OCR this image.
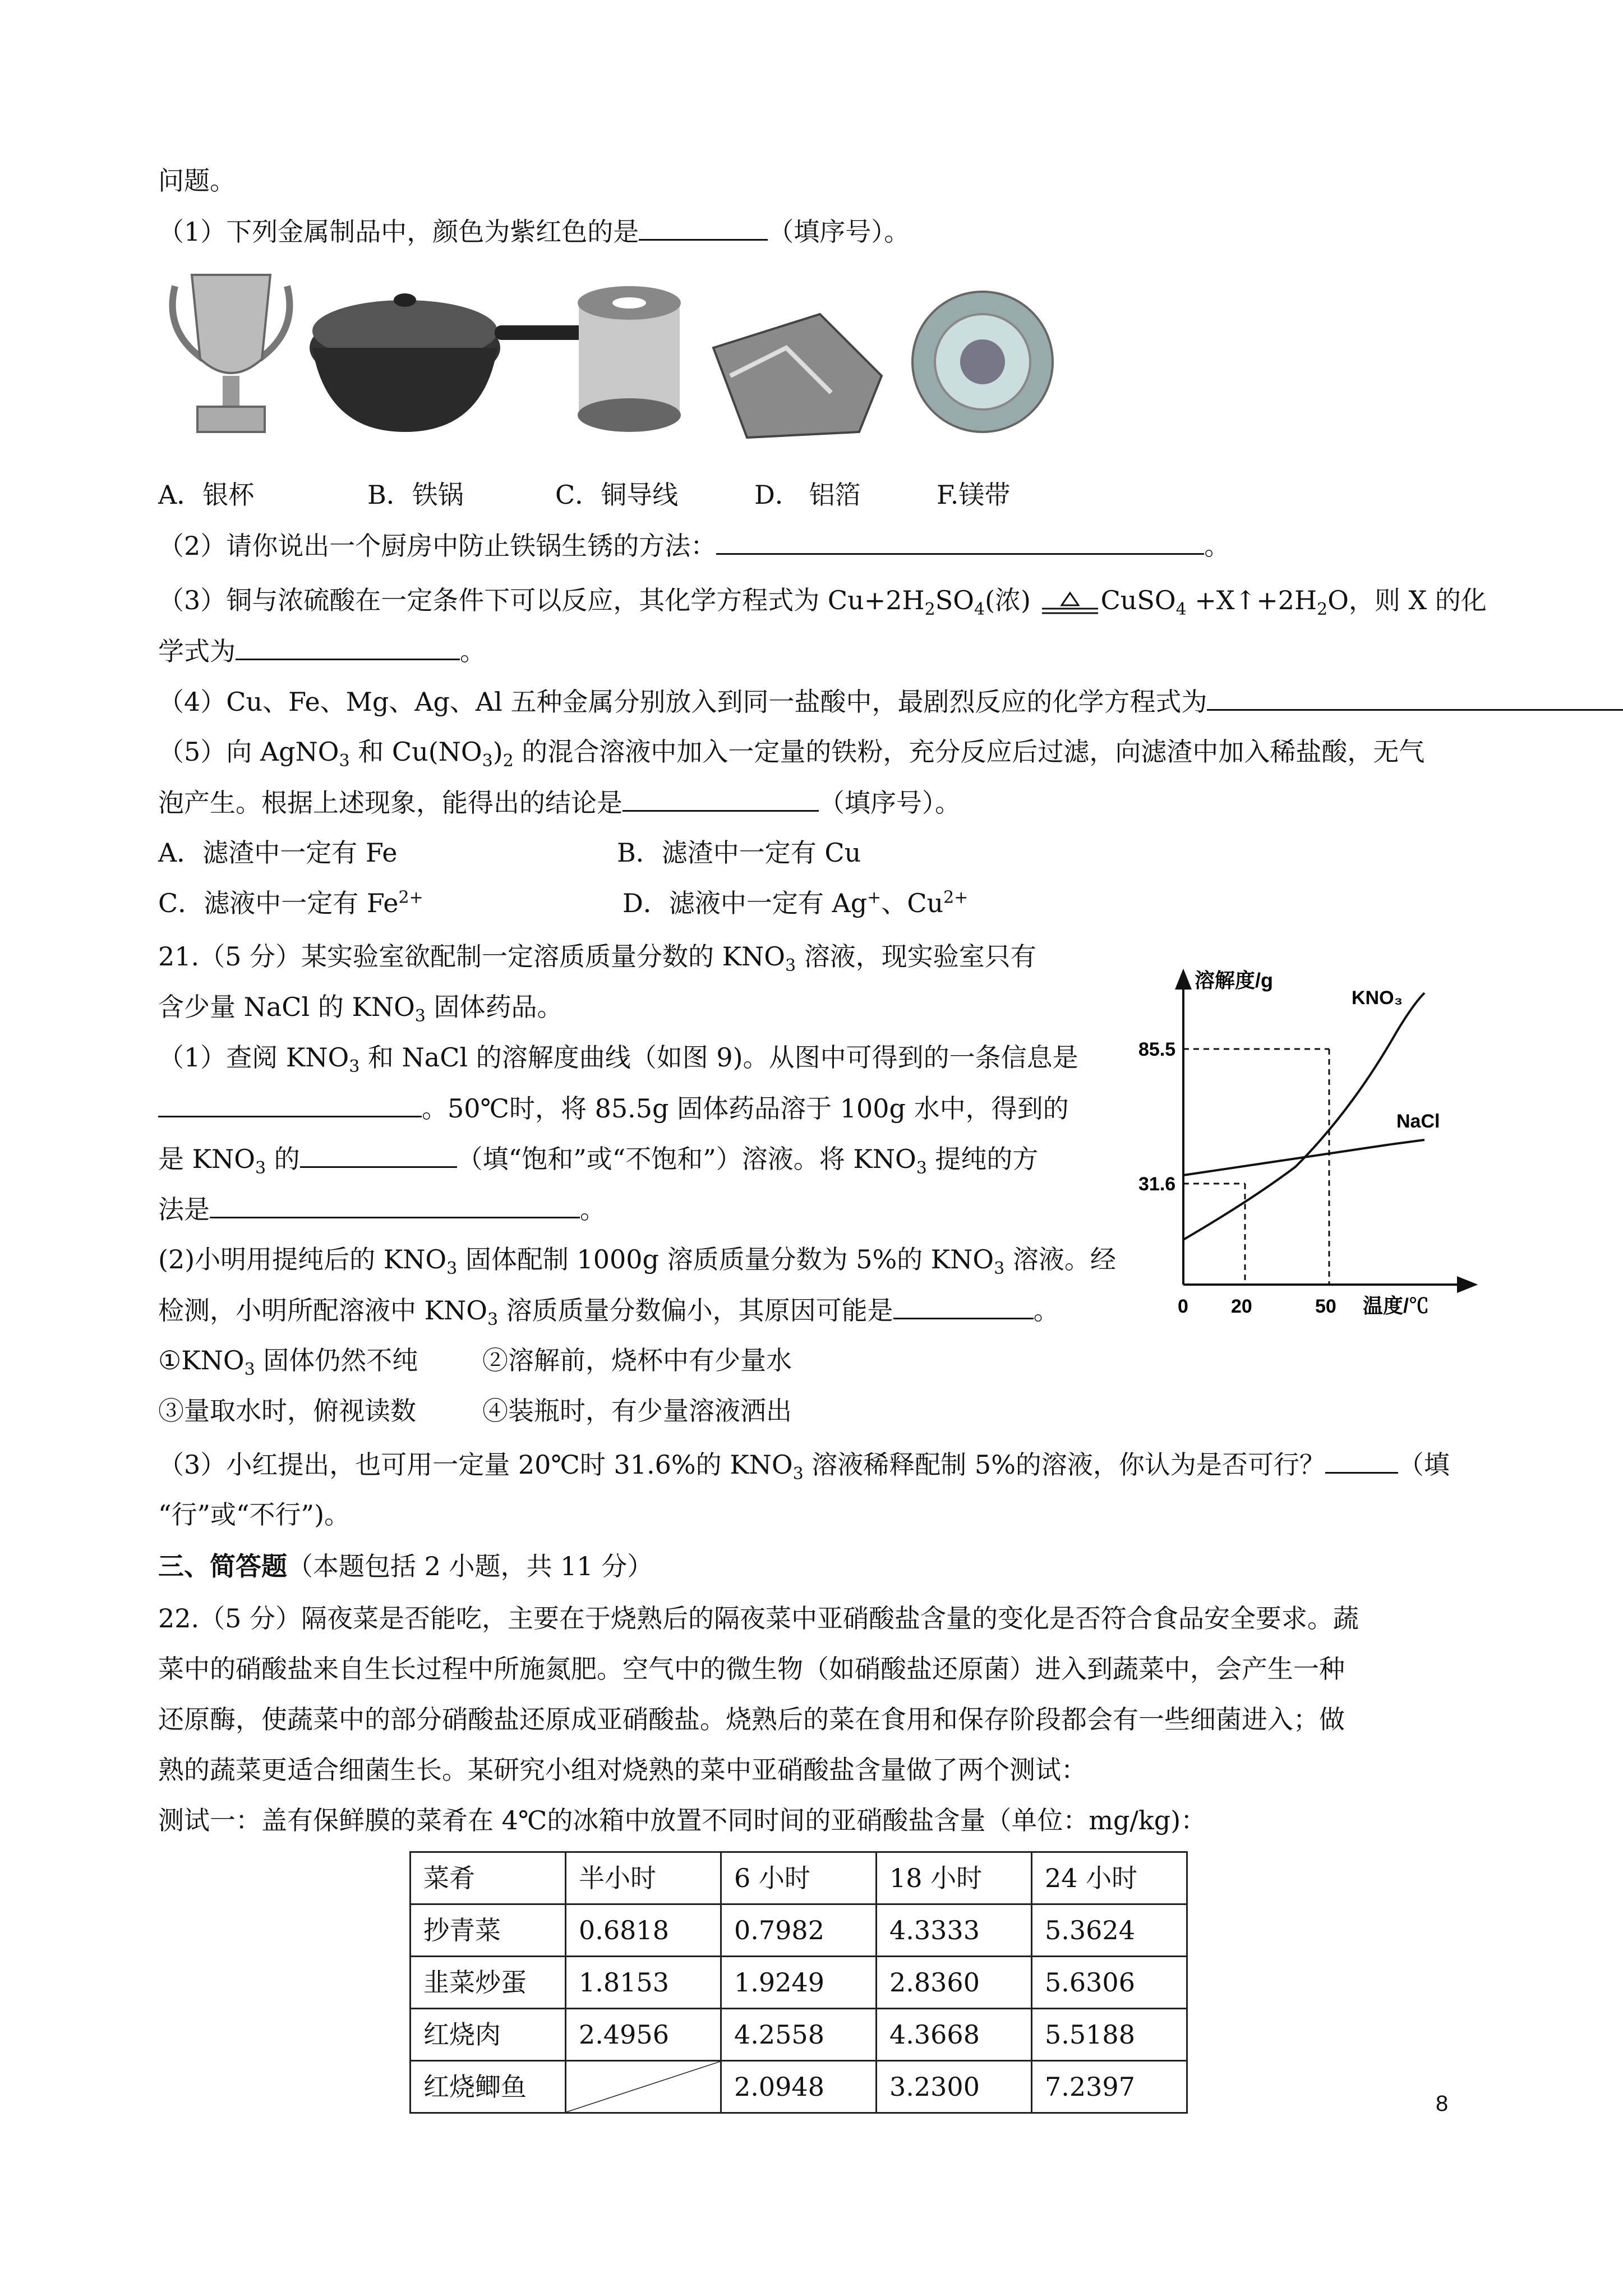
问题。
（1）下列金属制品中，颜色为紫红色的是	（填序号）。
A．银杯	B．铁锅	C．铜导线	D． 铝箔	F.镁带
（2）请你说出一个厨房中防止铁锅生锈的方法：	。
（3）铜与浓硫酸在一定条件下可以反应，其化学方程式为 $Cu+2H_2SO_4$(浓)	CuSO$_4$ $+X↑+2H_2O$，则 X 的化
学式为	。
（4）Cu、Fe、Mg、Ag、Al 五种金属分别放入到同一盐酸中，最剧烈反应的化学方程式为
（5）向 AgNO$_3$ 和 $Cu(NO_3)_2$ 的混合溶液中加入一定量的铁粉，充分反应后过滤，向滤渣中加入稀盐酸，无气
泡产生。根据上述现象，能得出的结论是	（填序号）。
A．滤渣中一定有 Fe	B．滤渣中一定有 Cu
C．滤液中一定有 $Fe^{2+}$	D．滤液中一定有 Ag+、$Cu^{2+}$
21.（5 分）某实验室欲配制一定溶质质量分数的 $KNO_3$ 溶液，现实验室只有
含少量 NaCl 的 $KNO_3$ 固体药品。
（1）查阅 $KNO_3$ 和 NaCl 的溶解度曲线（如图 9)。从图中可得到的一条信息是
。50℃时，将 85.5g 固体药品溶于 100g 水中，得到的
是 $KNO_3$ 的	（填“饱和”或“不饱和”）溶液。将 $KNO_3$ 提纯的方
法是	。
(2)小明用提纯后的 $KNO_3$ 固体配制 1000g 溶质质量分数为 5%的 $KNO_3$ 溶液。经
检测，小明所配溶液中 $KNO_3$ 溶质质量分数偏小，其原因可能是	。
$①KNO_3$ 固体仍然不纯 ②溶解前，烧杯中有少量水
③量取水时，俯视读数	④装瓶时，有少量溶液洒出
（3）小红提出，也可用一定量 20℃时 31.6%的 $KNO_3$ 溶液稀释配制 5%的溶液，你认为是否可行？	（填
“行”或“不行”)。
溶解度/g
KNO₃
NaCl
85.5
31.6
0 20	50 温度/℃
三、简答题（本题包括 2 小题，共 11 分）
22.（5 分）隔夜菜是否能吃，主要在于烧熟后的隔夜菜中亚硝酸盐含量的变化是否符合食品安全要求。蔬
菜中的硝酸盐来自生长过程中所施氮肥。空气中的微生物（如硝酸盐还原菌）进入到蔬菜中，会产生一种
还原酶，使蔬菜中的部分硝酸盐还原成亚硝酸盐。烧熟后的菜在食用和保存阶段都会有一些细菌进入；做
熟的蔬菜更适合细菌生长。某研究小组对烧熟的菜中亚硝酸盐含量做了两个测试：
测试一：盖有保鲜膜的菜肴在 4℃的冰箱中放置不同时间的亚硝酸盐含量（单位：mg/kg)：
菜肴	半小时	6 小时	18 小时	24 小时
抄青菜	0.6818	0.7982	4.3333	5.3624
韭菜炒蛋	1.8153	1.9249	2.8360	5.6306
红烧肉	2.4956	4.2558	4.3668	5.5188
红烧鲫鱼		2.0948	3.2300	7.2397
8
